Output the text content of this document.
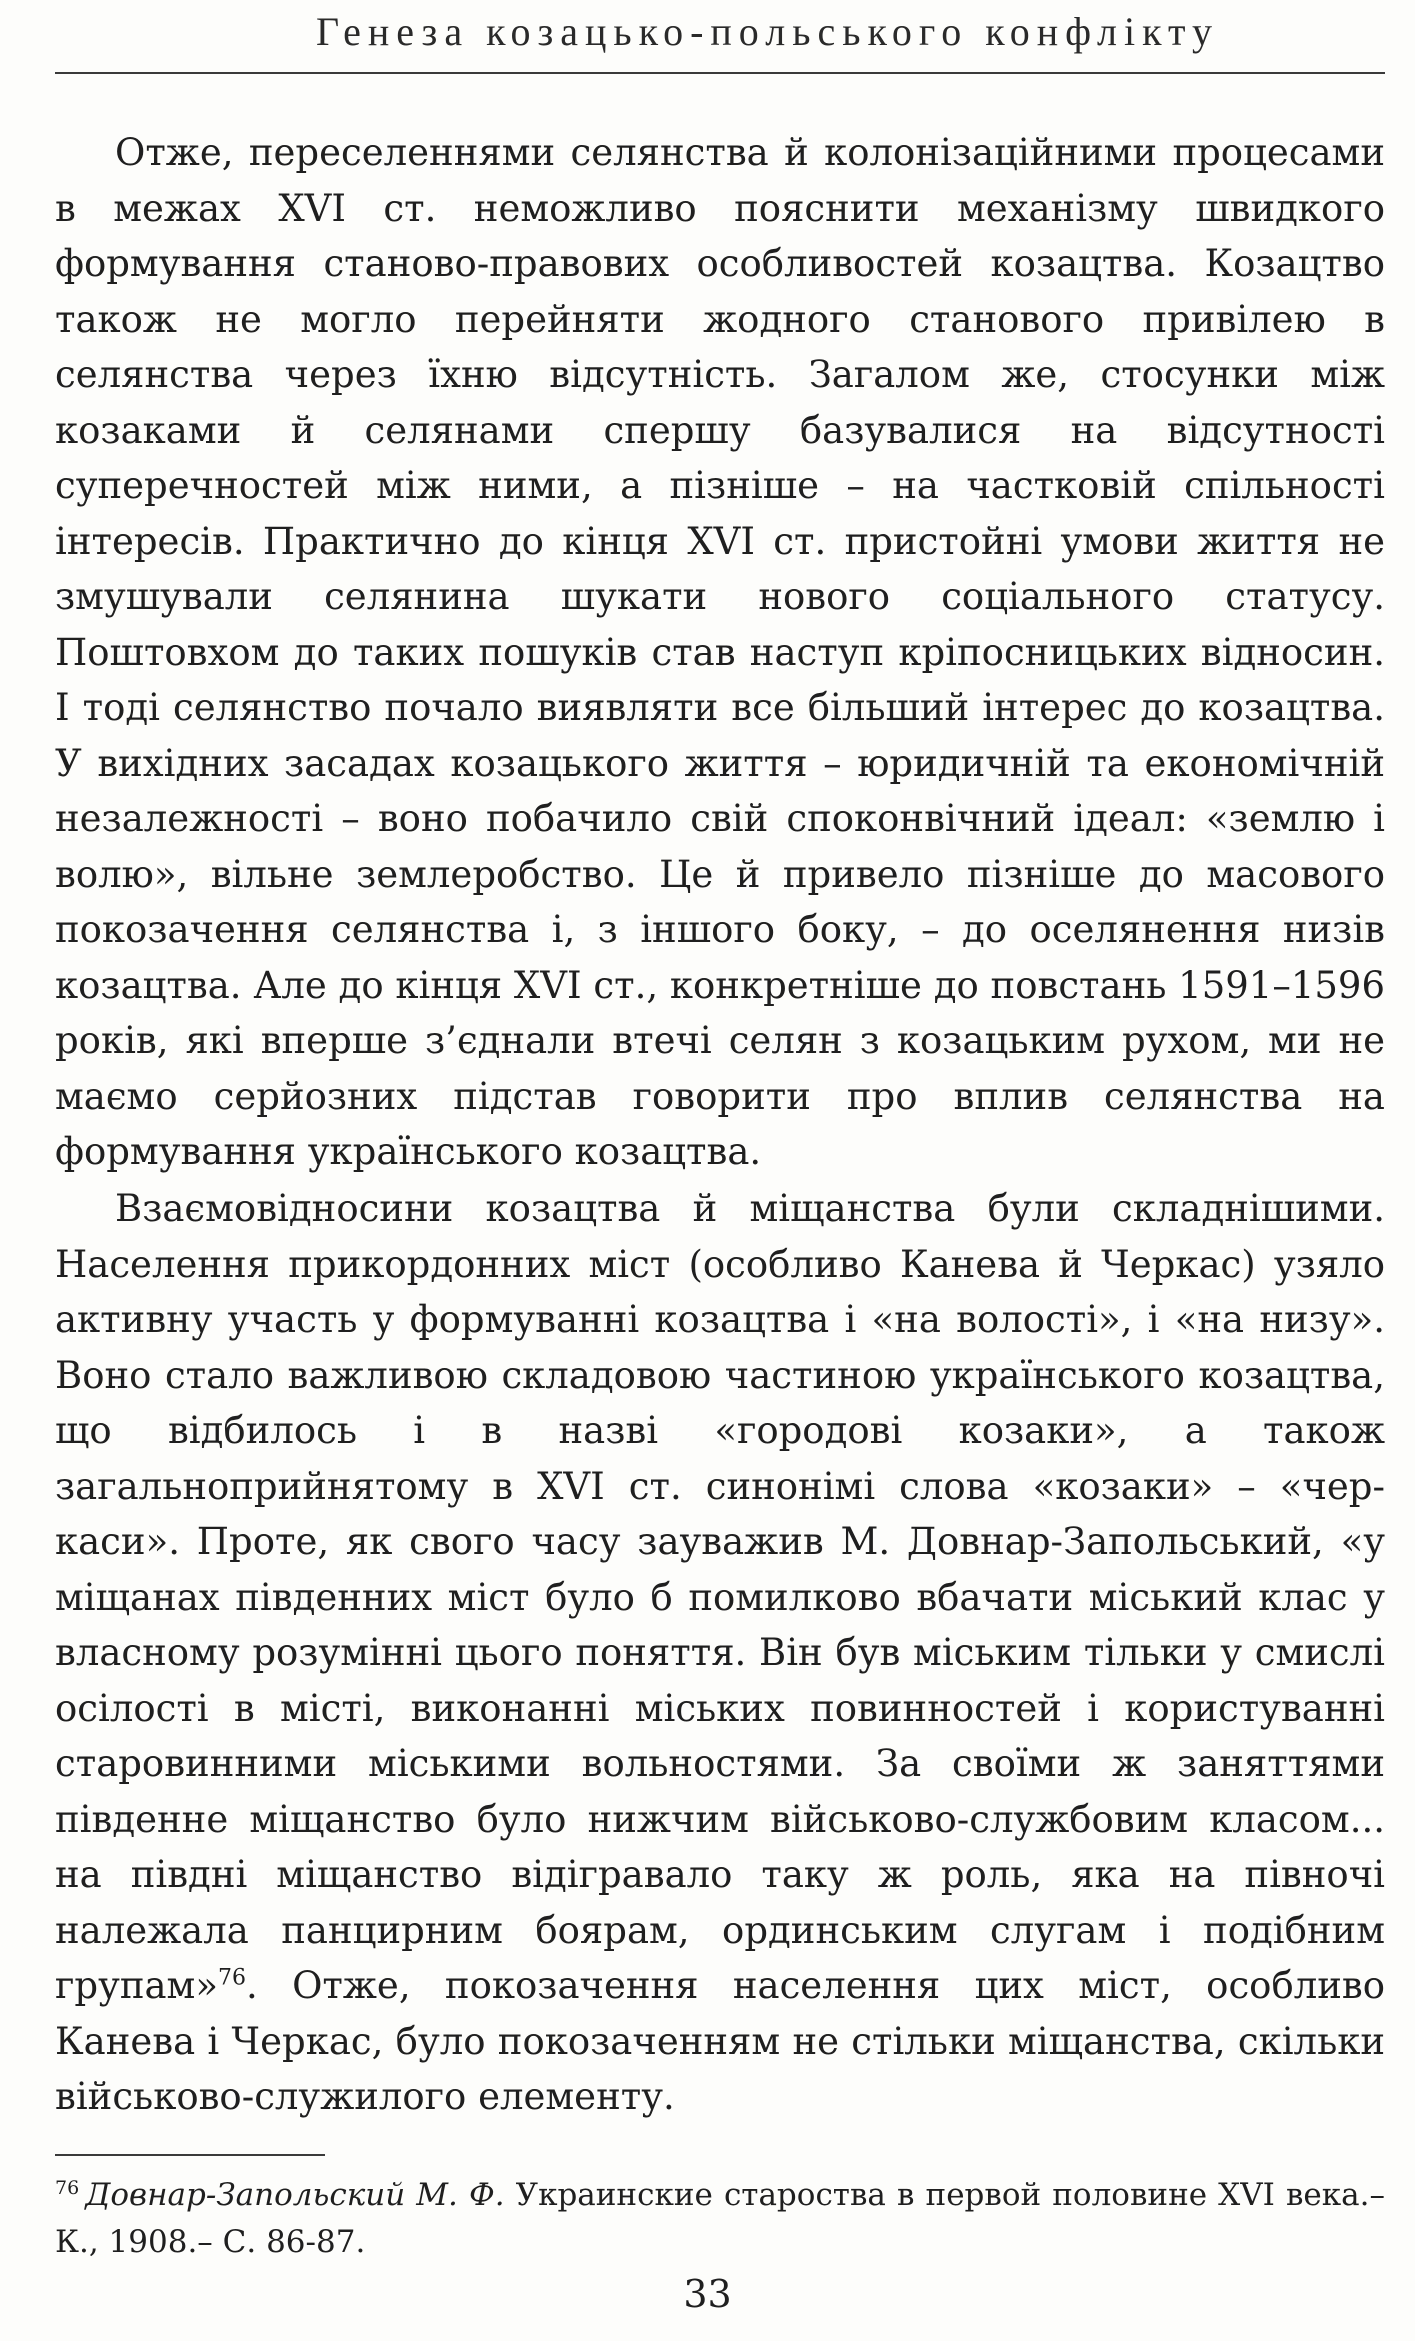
Генеза козацько-польського конфлікту

Отже, переселеннями селянства й колонізаційними процесами в межах XVI ст. неможливо пояснити механізму швидкого формування станово-правових особливостей козацтва. Козацтво також не могло перейняти жодного станового привілею в селянства через їхню відсутність. Загалом же, стосунки між козаками й селянами спершу базувалися на відсутності суперечностей між ними, а пізніше – на частковій спільності інтересів. Практично до кінця XVI ст. пристойні умови життя не змушували селянина шукати нового соціального статусу. Поштовхом до таких пошуків став наступ кріпосницьких відносин. І тоді селянство почало виявляти все більший інтерес до козацтва. У вихідних засадах козацького життя – юридичній та економічній незалежності – воно побачило свій споконвічний ідеал: «землю і волю», вільне землеробство. Це й привело пізніше до масового покозачення селянства і, з іншого боку, – до оселянення низів козацтва. Але до кінця XVI ст., конкретніше до повстань 1591–1596 років, які вперше з’єднали втечі селян з козацьким рухом, ми не маємо серйозних підстав говорити про вплив селянства на формування українського козацтва.

Взаємовідносини козацтва й міщанства були складнішими. Населення прикордонних міст (особливо Канева й Черкас) узяло активну участь у формуванні козацтва і «на волості», і «на низу». Воно стало важливою складовою частиною українського козацтва, що відбилось і в назві «городові козаки», а також загальноприйнятому в XVI ст. синонімі слова «козаки» – «черкаси». Проте, як свого часу зауважив М. Довнар-Запольський, «у міщанах південних міст було б помилково вбачати міський клас у власному розумінні цього поняття. Він був міським тільки у смислі осілості в місті, виконанні міських повинностей і користуванні старовинними міськими вольностями. За своїми ж заняттями південне міщанство було нижчим військово-службовим класом... на півдні міщанство відігравало таку ж роль, яка на півночі належала панцирним боярам, ординським слугам і подібним групам»$^{76}$. Отже, покозачення населення цих міст, особливо Канева і Черкас, було покозаченням не стільки міщанства, скільки військово-служилого елементу.

$^{76}$ Довнар-Запольский М. Ф. Украинские староства в первой половине XVI века.– К., 1908.– С. 86-87.
33
